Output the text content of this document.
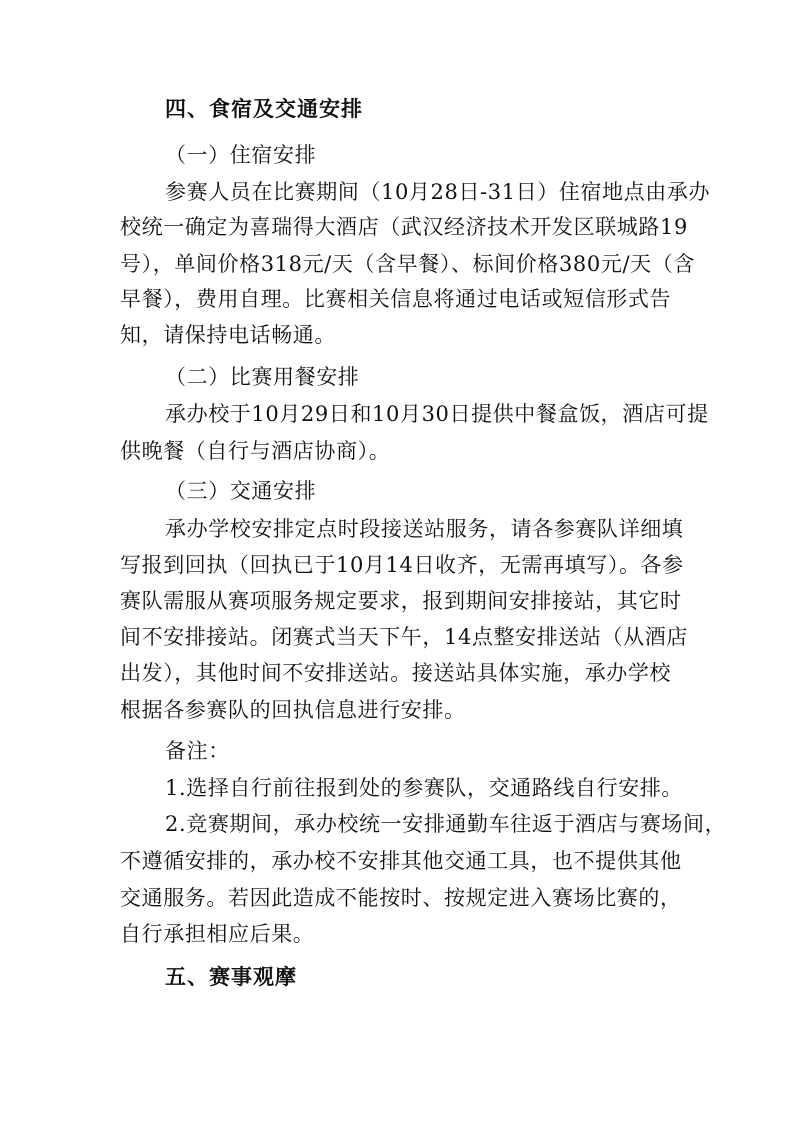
四、食宿及交通安排
（一）住宿安排
参赛人员在比赛期间（10月28日-31日）住宿地点由承办
校统一确定为喜瑞得大酒店（武汉经济技术开发区联城路19
号），单间价格318元/天（含早餐）、标间价格380元/天（含
早餐），费用自理。比赛相关信息将通过电话或短信形式告
知，请保持电话畅通。
（二）比赛用餐安排
承办校于10月29日和10月30日提供中餐盒饭，酒店可提
供晚餐（自行与酒店协商）。
（三）交通安排
承办学校安排定点时段接送站服务，请各参赛队详细填
写报到回执（回执已于10月14日收齐，无需再填写）。各参
赛队需服从赛项服务规定要求，报到期间安排接站，其它时
间不安排接站。闭赛式当天下午，14点整安排送站（从酒店
出发），其他时间不安排送站。接送站具体实施，承办学校
根据各参赛队的回执信息进行安排。
备注：
1.选择自行前往报到处的参赛队，交通路线自行安排。
2.竞赛期间，承办校统一安排通勤车往返于酒店与赛场间，
不遵循安排的，承办校不安排其他交通工具，也不提供其他
交通服务。若因此造成不能按时、按规定进入赛场比赛的，
自行承担相应后果。
五、赛事观摩
